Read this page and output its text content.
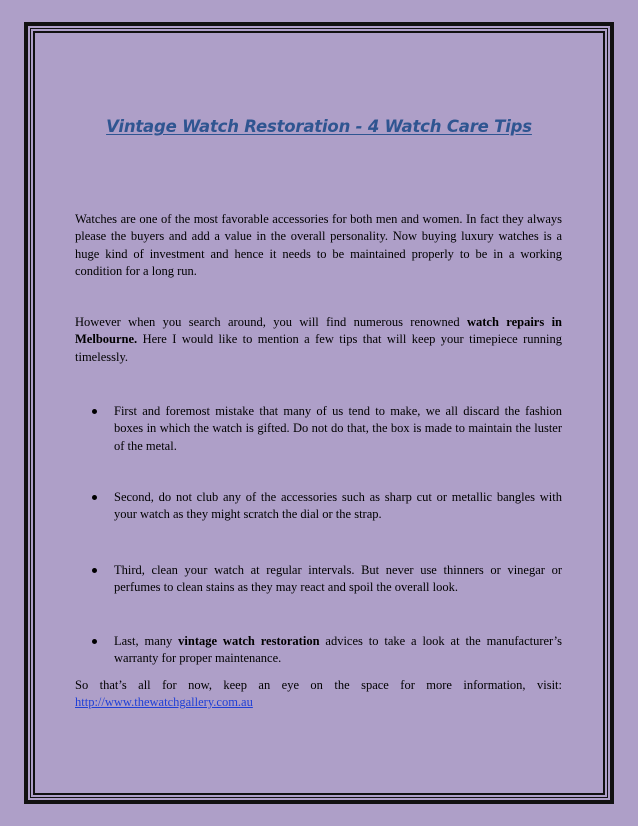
Vintage Watch Restoration - 4 Watch Care Tips

Watches are one of the most favorable accessories for both men and women. In fact they always please the buyers and add a value in the overall personality. Now buying luxury watches is a huge kind of investment and hence it needs to be maintained properly to be in a working condition for a long run.

However when you search around, you will find numerous renowned watch repairs in Melbourne. Here I would like to mention a few tips that will keep your timepiece running timelessly.

First and foremost mistake that many of us tend to make, we all discard the fashion boxes in which the watch is gifted. Do not do that, the box is made to maintain the luster of the metal.
Second, do not club any of the accessories such as sharp cut or metallic bangles with your watch as they might scratch the dial or the strap.
Third, clean your watch at regular intervals. But never use thinners or vinegar or perfumes to clean stains as they may react and spoil the overall look.
Last, many vintage watch restoration advices to take a look at the manufacturer’s warranty for proper maintenance.

So that’s all for now, keep an eye on the space for more information, visit: http://www.thewatchgallery.com.au
